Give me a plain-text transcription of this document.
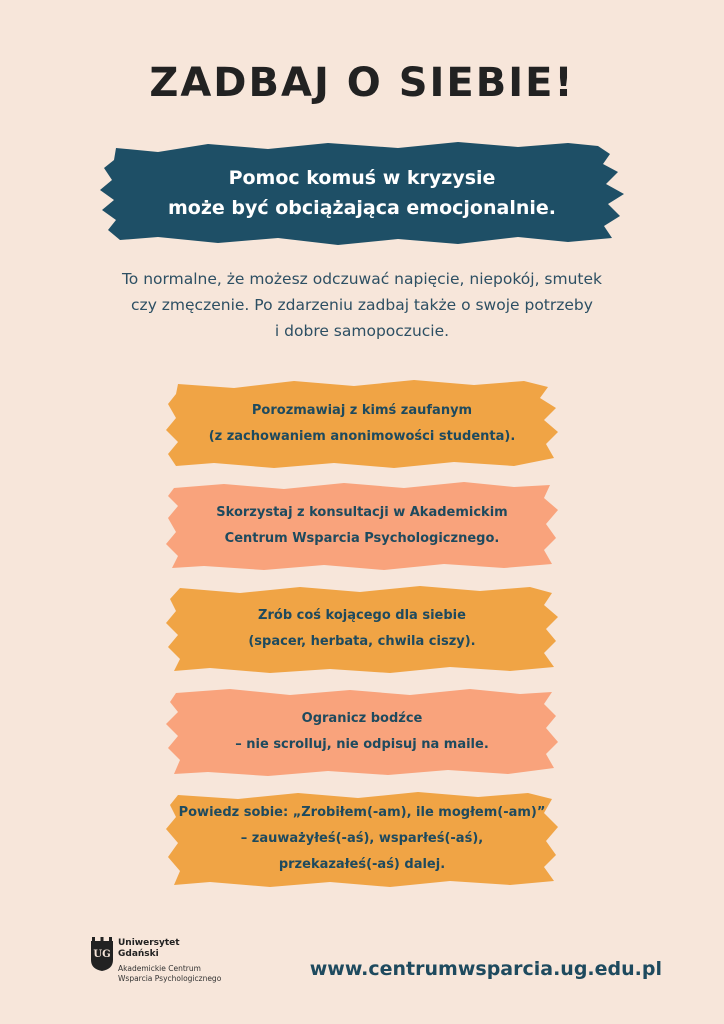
ZADBAJ O SIEBIE!
Pomoc komuś w kryzysie
może być obciążająca emocjonalnie.
To normalne, że możesz odczuwać napięcie, niepokój, smutek
czy zmęczenie. Po zdarzeniu zadbaj także o swoje potrzeby
i dobre samopoczucie.
Porozmawiaj z kimś zaufanym
(z zachowaniem anonimowości studenta).
Skorzystaj z konsultacji w Akademickim
Centrum Wsparcia Psychologicznego.
Zrób coś kojącego dla siebie
(spacer, herbata, chwila ciszy).
Ogranicz bodźce
– nie scrolluj, nie odpisuj na maile.
Powiedz sobie: „Zrobiłem(-am), ile mogłem(-am)”
– zauważyłeś(-aś), wsparłeś(-aś),
przekazałeś(-aś) dalej.
UG
Uniwersytet
Gdański
Akademickie Centrum
Wsparcia Psychologicznego	www.centrumwsparcia.ug.edu.pl
